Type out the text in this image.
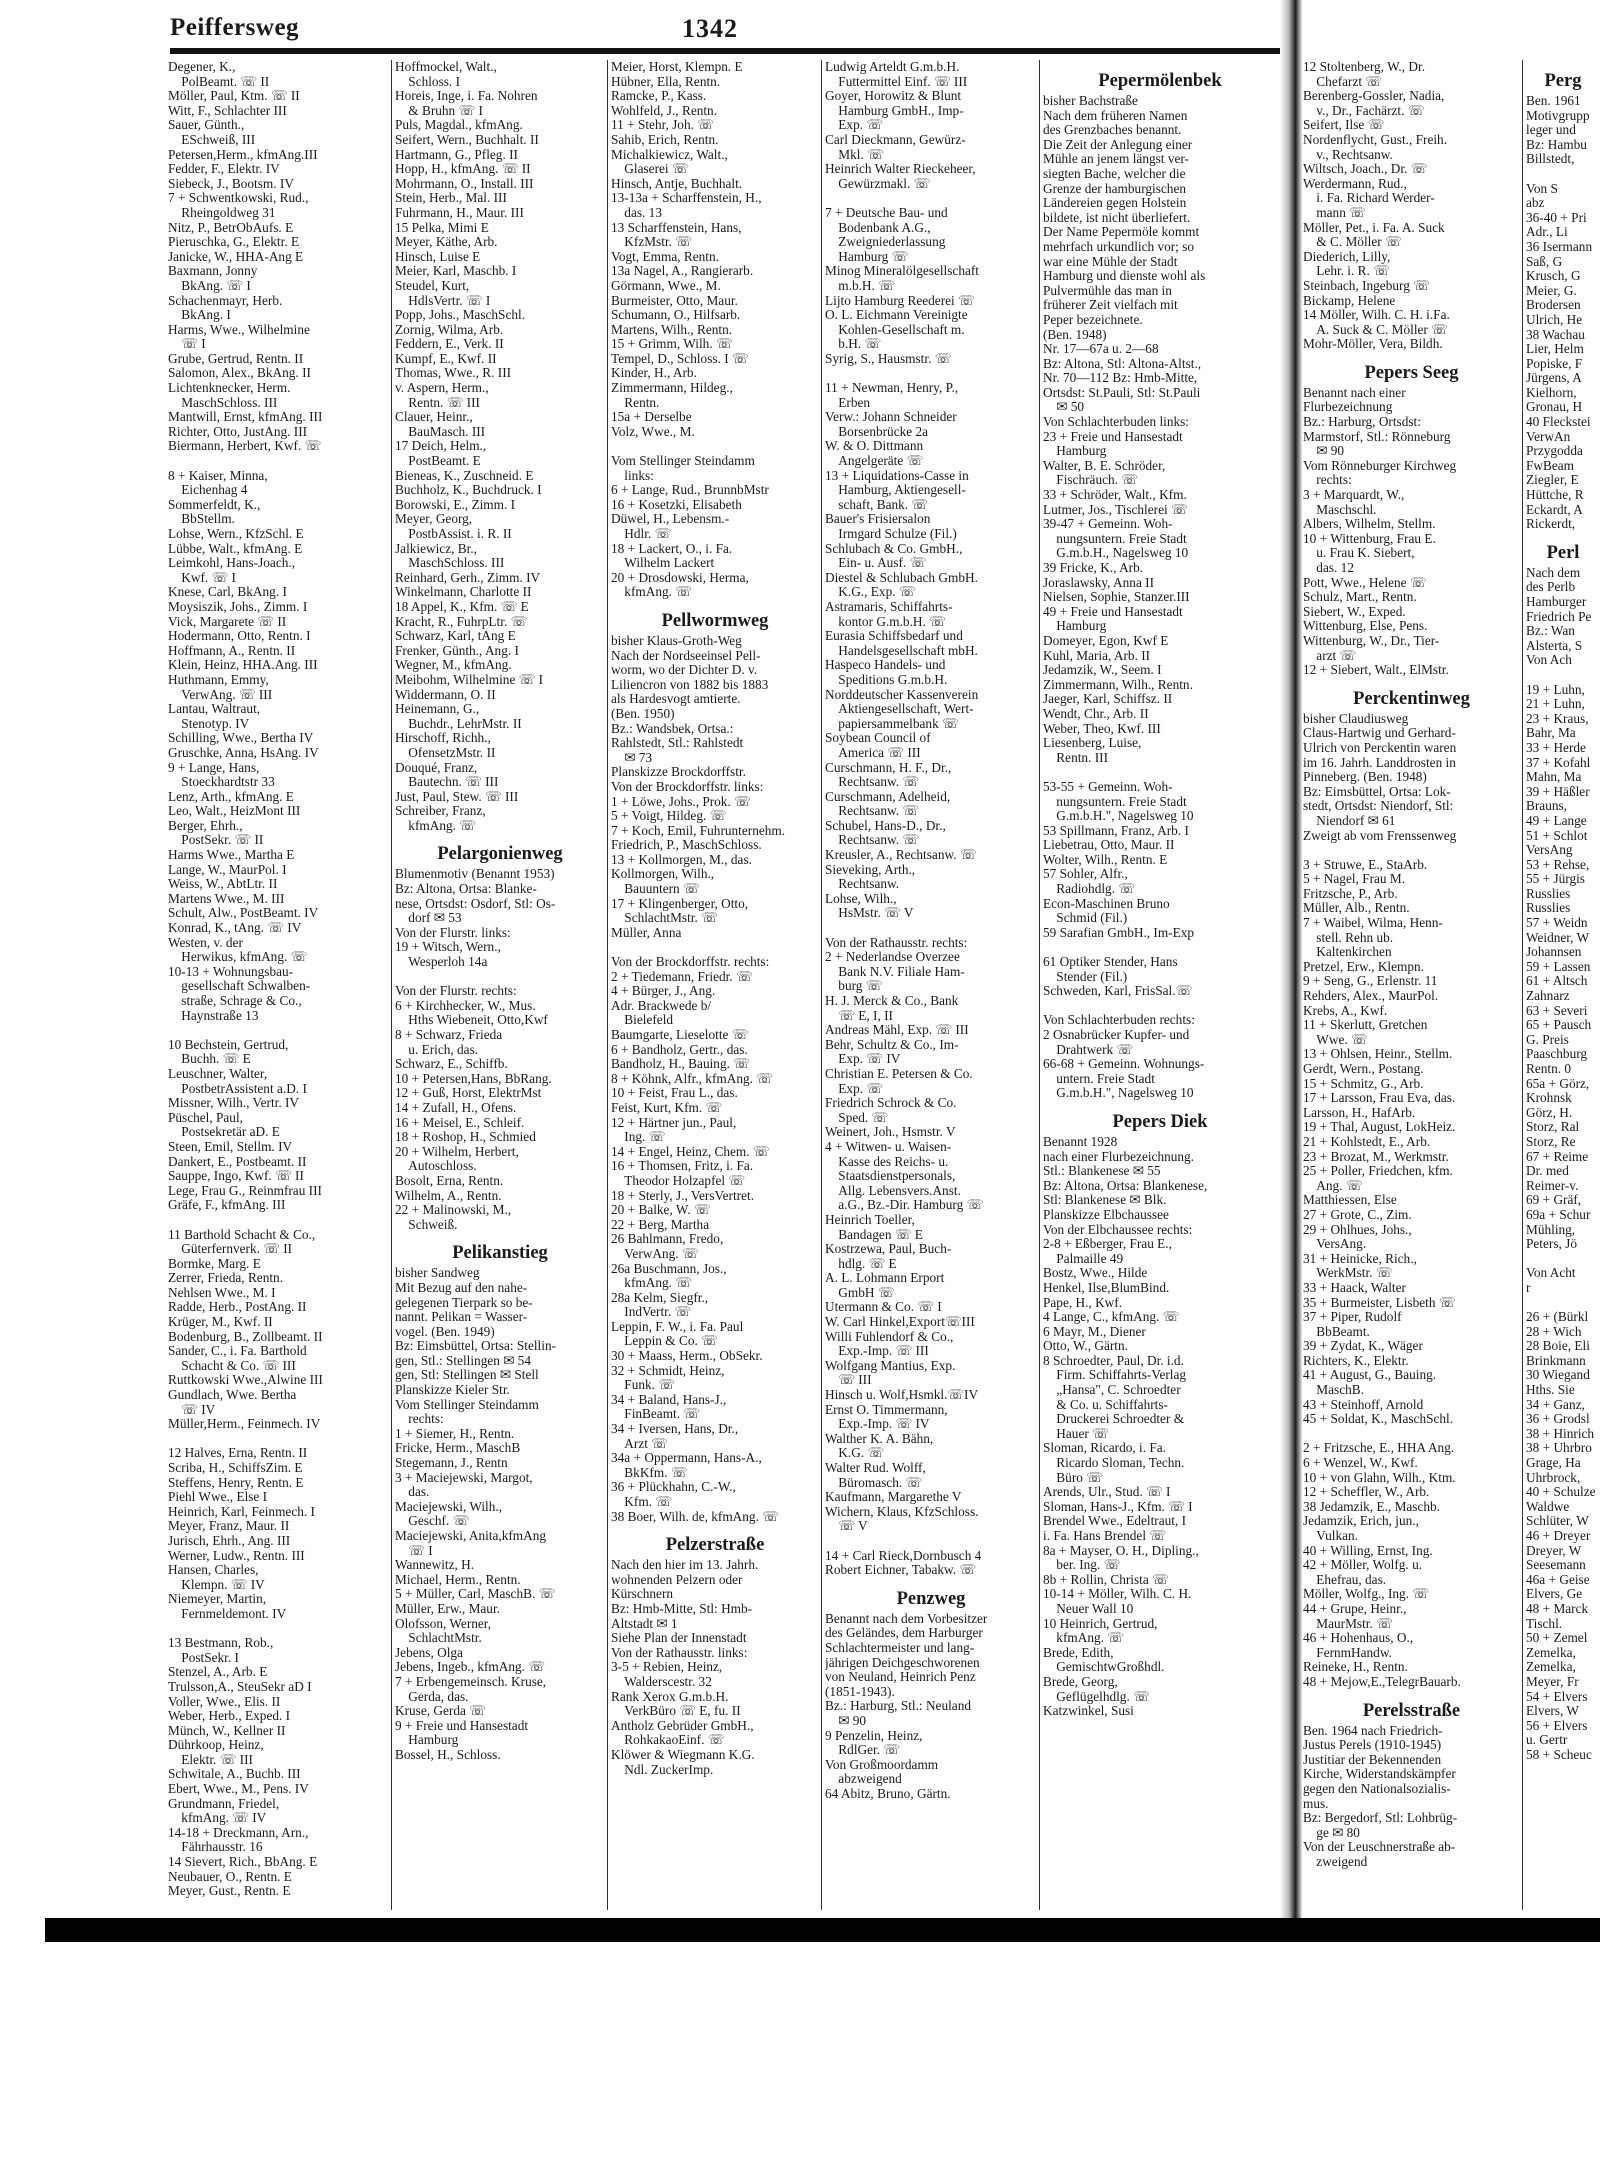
Peiffersweg	1342
Degener, K.,
 PolBeamt. ☏ II
Möller, Paul, Ktm. ☏ II
Witt, F., Schlachter III
Sauer, Günth.,
 ESchweiß, III
Petersen,Herm., kfmAng.III
Fedder, F., Elektr. IV
Siebeck, J., Bootsm. IV
7 + Schwentkowski, Rud.,
 Rheingoldweg 31
Nitz, P., BetrObAufs. E
Pieruschka, G., Elektr. E
Janicke, W., HHA-Ang E
Baxmann, Jonny
 BkAng. ☏ I
Schachenmayr, Herb.
 BkAng. I
Harms, Wwe., Wilhelmine
 ☏ I
Grube, Gertrud, Rentn. II
Salomon, Alex., BkAng. II
Lichtenknecker, Herm.
 MaschSchloss. III
Mantwill, Ernst, kfmAng. III
Richter, Otto, JustAng. III
Biermann, Herbert, Kwf. ☏
8 + Kaiser, Minna,
 Eichenhag 4
Sommerfeldt, K.,
 BbStellm.
Lohse, Wern., KfzSchl. E
Lübbe, Walt., kfmAng. E
Leimkohl, Hans-Joach.,
 Kwf. ☏ I
Knese, Carl, BkAng. I
Moysiszik, Johs., Zimm. I
Vick, Margarete ☏ II
Hodermann, Otto, Rentn. I
Hoffmann, A., Rentn. II
Klein, Heinz, HHA.Ang. III
Huthmann, Emmy,
 VerwAng. ☏ III
Lantau, Waltraut,
 Stenotyp. IV
Schilling, Wwe., Bertha IV
Gruschke, Anna, HsAng. IV
9 + Lange, Hans,
 Stoeckhardtstr 33
Lenz, Arth., kfmAng. E
Leo, Walt., HeizMont III
Berger, Ehrh.,
 PostSekr. ☏ II
Harms Wwe., Martha E
Lange, W., MaurPol. I
Weiss, W., AbtLtr. II
Martens Wwe., M. III
Schult, Alw., PostBeamt. IV
Konrad, K., tAng. ☏ IV
Westen, v. der
 Herwikus, kfmAng. ☏
10-13 + Wohnungsbau-
 gesellschaft Schwalben-
 straße, Schrage & Co.,
 Haynstraße 13
10 Bechstein, Gertrud,
 Buchh. ☏ E
Leuschner, Walter,
 PostbetrAssistent a.D. I
Missner, Wilh., Vertr. IV
Püschel, Paul,
 Postsekretär aD. E
Steen, Emil, Stellm. IV
Dankert, E., Postbeamt. II
Sauppe, Ingo, Kwf. ☏ II
Lege, Frau G., Reinmfrau III
Gräfe, F., kfmAng. III
11 Barthold Schacht & Co.,
 Güterfernverk. ☏ II
Bormke, Marg. E
Zerrer, Frieda, Rentn.
Nehlsen Wwe., M. I
Radde, Herb., PostAng. II
Krüger, M., Kwf. II
Bodenburg, B., Zollbeamt. II
Sander, C., i. Fa. Barthold
 Schacht & Co. ☏ III
Ruttkowski Wwe.,Alwine III
Gundlach, Wwe. Bertha
 ☏ IV
Müller,Herm., Feinmech. IV
12 Halves, Erna, Rentn. II
Scriba, H., SchiffsZim. E
Steffens, Henry, Rentn. E
Piehl Wwe., Else I
Heinrich, Karl, Feinmech. I
Meyer, Franz, Maur. II
Jurisch, Ehrh., Ang. III
Werner, Ludw., Rentn. III
Hansen, Charles,
 Klempn. ☏ IV
Niemeyer, Martin,
 Fernmeldemont. IV
13 Bestmann, Rob.,
 PostSekr. I
Stenzel, A., Arb. E
Trulsson,A., SteuSekr aD I
Voller, Wwe., Elis. II
Weber, Herb., Exped. I
Münch, W., Kellner II
Dührkoop, Heinz,
 Elektr. ☏ III
Schwitale, A., Buchb. III
Ebert, Wwe., M., Pens. IV
Grundmann, Friedel,
 kfmAng. ☏ IV
14-18 + Dreckmann, Arn.,
 Fährhausstr. 16
14 Sievert, Rich., BbAng. E
Neubauer, O., Rentn. E
Meyer, Gust., Rentn. E
Hoffmockel, Walt.,
 Schloss. I
Horeis, Inge, i. Fa. Nohren
 & Bruhn ☏ I
Puls, Magdal., kfmAng.
Seifert, Wern., Buchhalt. II
Hartmann, G., Pfleg. II
Hopp, H., kfmAng. ☏ II
Mohrmann, O., Install. III
Stein, Herb., Mal. III
Fuhrmann, H., Maur. III
15 Pelka, Mimi E
Meyer, Käthe, Arb.
Hinsch, Luise E
Meier, Karl, Maschb. I
Steudel, Kurt,
 HdlsVertr. ☏ I
Popp, Johs., MaschSchl.
Zornig, Wilma, Arb.
Feddern, E., Verk. II
Kumpf, E., Kwf. II
Thomas, Wwe., R. III
v. Aspern, Herm.,
 Rentn. ☏ III
Clauer, Heinr.,
 BauMasch. III
17 Deich, Helm.,
 PostBeamt. E
Bieneas, K., Zuschneid. E
Buchholz, K., Buchdruck. I
Borowski, E., Zimm. I
Meyer, Georg,
 PostbAssist. i. R. II
Jalkiewicz, Br.,
 MaschSchloss. III
Reinhard, Gerh., Zimm. IV
Winkelmann, Charlotte II
18 Appel, K., Kfm. ☏ E
Kracht, R., FuhrpLtr. ☏
Schwarz, Karl, tAng E
Frenker, Günth., Ang. I
Wegner, M., kfmAng.
Meibohm, Wilhelmine ☏ I
Widdermann, O. II
Heinemann, G.,
 Buchdr., LehrMstr. II
Hirschoff, Richh.,
 OfensetzMstr. II
Douqué, Franz,
 Bautechn. ☏ III
Just, Paul, Stew. ☏ III
Schreiber, Franz,
 kfmAng. ☏
Pelargonienweg
Blumenmotiv (Benannt 1953)
Bz: Altona, Ortsa: Blanke-
nese, Ortsdst: Osdorf, Stl: Os-
 dorf ✉ 53
Von der Flurstr. links:
19 + Witsch, Wern.,
 Wesperloh 14a
Von der Flurstr. rechts:
6 + Kirchhecker, W., Mus.
 Hths Wiebeneit, Otto,Kwf
8 + Schwarz, Frieda
 u. Erich, das.
Schwarz, E., Schiffb.
10 + Petersen,Hans, BbRang.
12 + Guß, Horst, ElektrMst
14 + Zufall, H., Ofens.
16 + Meisel, E., Schleif.
18 + Roshop, H., Schmied
20 + Wilhelm, Herbert,
 Autoschloss.
Bosolt, Erna, Rentn.
Wilhelm, A., Rentn.
22 + Malinowski, M.,
 Schweiß.
Pelikanstieg
bisher Sandweg
Mit Bezug auf den nahe-
gelegenen Tierpark so be-
nannt. Pelikan = Wasser-
vogel. (Ben. 1949)
Bz: Eimsbüttel, Ortsa: Stellin-
gen, Stl.: Stellingen ✉ 54
gen, Stl: Stellingen ✉ Stell
Planskizze Kieler Str.
Vom Stellinger Steindamm
 rechts:
1 + Siemer, H., Rentn.
Fricke, Herm., MaschB
Stegemann, J., Rentn
3 + Maciejewski, Margot,
 das.
Maciejewski, Wilh.,
 Geschf. ☏
Maciejewski, Anita,kfmAng
 ☏ I
Wannewitz, H.
Michael, Herm., Rentn.
5 + Müller, Carl, MaschB. ☏
Müller, Erw., Maur.
Olofsson, Werner,
 SchlachtMstr.
Jebens, Olga
Jebens, Ingeb., kfmAng. ☏
7 + Erbengemeinsch. Kruse,
 Gerda, das.
Kruse, Gerda ☏
9 + Freie und Hansestadt
 Hamburg
Bossel, H., Schloss.
Meier, Horst, Klempn. E
Hübner, Ella, Rentn.
Ramcke, P., Kass.
Wohlfeld, J., Rentn.
11 + Stehr, Joh. ☏
Sahib, Erich, Rentn.
Michalkiewicz, Walt.,
 Glaserei ☏
Hinsch, Antje, Buchhalt.
13-13a + Scharffenstein, H.,
 das. 13
13 Scharffenstein, Hans,
 KfzMstr. ☏
Vogt, Emma, Rentn.
13a Nagel, A., Rangierarb.
Görmann, Wwe., M.
Burmeister, Otto, Maur.
Schumann, O., Hilfsarb.
Martens, Wilh., Rentn.
15 + Grimm, Wilh. ☏
Tempel, D., Schloss. I ☏
Kinder, H., Arb.
Zimmermann, Hildeg.,
 Rentn.
15a + Derselbe
Volz, Wwe., M.
Vom Stellinger Steindamm
 links:
6 + Lange, Rud., BrunnbMstr
16 + Kosetzki, Elisabeth
Düwel, H., Lebensm.-
 Hdlr. ☏
18 + Lackert, O., i. Fa.
 Wilhelm Lackert
20 + Drosdowski, Herma,
 kfmAng. ☏
Pellwormweg
bisher Klaus-Groth-Weg
Nach der Nordseeinsel Pell-
worm, wo der Dichter D. v.
Liliencron von 1882 bis 1883
als Hardesvogt amtierte.
(Ben. 1950)
Bz.: Wandsbek, Ortsa.:
Rahlstedt, Stl.: Rahlstedt
 ✉ 73
Planskizze Brockdorffstr.
Von der Brockdorffstr. links:
1 + Löwe, Johs., Prok. ☏
5 + Voigt, Hildeg. ☏
7 + Koch, Emil, Fuhrunternehm.
Friedrich, P., MaschSchloss.
13 + Kollmorgen, M., das.
Kollmorgen, Wilh.,
 Bauuntern ☏
17 + Klingenberger, Otto,
 SchlachtMstr. ☏
Müller, Anna
Von der Brockdorffstr. rechts:
2 + Tiedemann, Friedr. ☏
4 + Bürger, J., Ang.
Adr. Brackwede b/
 Bielefeld
Baumgarte, Lieselotte ☏
6 + Bandholz, Gertr., das.
Bandholz, H., Bauing. ☏
8 + Köhnk, Alfr., kfmAng. ☏
10 + Feist, Frau L., das.
Feist, Kurt, Kfm. ☏
12 + Härtner jun., Paul,
 Ing. ☏
14 + Engel, Heinz, Chem. ☏
16 + Thomsen, Fritz, i. Fa.
 Theodor Holzapfel ☏
18 + Sterly, J., VersVertret.
20 + Balke, W. ☏
22 + Berg, Martha
26 Bahlmann, Fredo,
 VerwAng. ☏
26a Buschmann, Jos.,
 kfmAng. ☏
28a Kelm, Siegfr.,
 IndVertr. ☏
Leppin, F. W., i. Fa. Paul
 Leppin & Co. ☏
30 + Maass, Herm., ObSekr.
32 + Schmidt, Heinz,
 Funk. ☏
34 + Baland, Hans-J.,
 FinBeamt. ☏
34 + Iversen, Hans, Dr.,
 Arzt ☏
34a + Oppermann, Hans-A.,
 BkKfm. ☏
36 + Plückhahn, C.-W.,
 Kfm. ☏
38 Boer, Wilh. de, kfmAng. ☏
Pelzerstraße
Nach den hier im 13. Jahrh.
wohnenden Pelzern oder
Kürschnern
Bz: Hmb-Mitte, Stl: Hmb-
Altstadt ✉ 1
Siehe Plan der Innenstadt
Von der Rathausstr. links:
3-5 + Rebien, Heinz,
 Walderscestr. 32
Rank Xerox G.m.b.H.
 VerkBüro ☏ E, fu. II
Antholz Gebrüder GmbH.,
 RohkakaoEinf. ☏
Klöwer & Wiegmann K.G.
 Ndl. ZuckerImp.
Ludwig Arteldt G.m.b.H.
 Futtermittel Einf. ☏ III
Goyer, Horowitz & Blunt
 Hamburg GmbH., Imp-
 Exp. ☏
Carl Dieckmann, Gewürz-
 Mkl. ☏
Heinrich Walter Rieckeheer,
 Gewürzmakl. ☏
7 + Deutsche Bau- und
 Bodenbank A.G.,
 Zweigniederlassung
 Hamburg ☏
Minog Mineralölgesellschaft
 m.b.H. ☏
Lijto Hamburg Reederei ☏
O. L. Eichmann Vereinigte
 Kohlen-Gesellschaft m.
 b.H. ☏
Syrig, S., Hausmstr. ☏
11 + Newman, Henry, P.,
 Erben
Verw.: Johann Schneider
 Borsenbrücke 2a
W. & O. Dittmann
 Angelgeräte ☏
13 + Liquidations-Casse in
 Hamburg, Aktiengesell-
 schaft, Bank. ☏
Bauer's Frisiersalon
 Irmgard Schulze (Fil.)
Schlubach & Co. GmbH.,
 Ein- u. Ausf. ☏
Diestel & Schlubach GmbH.
 K.G., Exp. ☏
Astramaris, Schiffahrts-
 kontor G.m.b.H. ☏
Eurasia Schiffsbedarf und
 Handelsgesellschaft mbH.
Haspeco Handels- und
 Speditions G.m.b.H.
Norddeutscher Kassenverein
 Aktiengesellschaft, Wert-
 papiersammelbank ☏
Soybean Council of
 America ☏ III
Curschmann, H. F., Dr.,
 Rechtsanw. ☏
Curschmann, Adelheid,
 Rechtsanw. ☏
Schubel, Hans-D., Dr.,
 Rechtsanw. ☏
Kreusler, A., Rechtsanw. ☏
Sieveking, Arth.,
 Rechtsanw.
Lohse, Wilh.,
 HsMstr. ☏ V
Von der Rathausstr. rechts:
2 + Nederlandse Overzee
 Bank N.V. Filiale Ham-
 burg ☏
H. J. Merck & Co., Bank
 ☏ E, I, II
Andreas Mähl, Exp. ☏ III
Behr, Schultz & Co., Im-
 Exp. ☏ IV
Christian E. Petersen & Co.
 Exp. ☏
Friedrich Schrock & Co.
 Sped. ☏
Weinert, Joh., Hsmstr. V
4 + Witwen- u. Waisen-
 Kasse des Reichs- u.
 Staatsdienstpersonals,
 Allg. Lebensvers.Anst.
 a.G., Bz.-Dir. Hamburg ☏
Heinrich Toeller,
 Bandagen ☏ E
Kostrzewa, Paul, Buch-
 hdlg. ☏ E
A. L. Lohmann Erport
 GmbH ☏
Utermann & Co. ☏ I
W. Carl Hinkel,Export☏III
Willi Fuhlendorf & Co.,
 Exp.-Imp. ☏ III
Wolfgang Mantius, Exp.
 ☏ III
Hinsch u. Wolf,Hsmkl.☏IV
Ernst O. Timmermann,
 Exp.-Imp. ☏ IV
Walther K. A. Bähn,
 K.G. ☏
Walter Rud. Wolff,
 Büromasch. ☏
Kaufmann, Margarethe V
Wichern, Klaus, KfzSchloss.
 ☏ V
14 + Carl Rieck,Dornbusch 4
Robert Eichner, Tabakw. ☏
Penzweg
Benannt nach dem Vorbesitzer
des Geländes, dem Harburger
Schlachtermeister und lang-
jährigen Deichgeschworenen
von Neuland, Heinrich Penz
(1851-1943).
Bz.: Harburg, Stl.: Neuland
 ✉ 90
9 Penzelin, Heinz,
 RdlGer. ☏
Von Großmoordamm
 abzweigend
64 Abitz, Bruno, Gärtn.
Pepermölenbek
bisher Bachstraße
Nach dem früheren Namen
des Grenzbaches benannt.
Die Zeit der Anlegung einer
Mühle an jenem längst ver-
siegten Bache, welcher die
Grenze der hamburgischen
Ländereien gegen Holstein
bildete, ist nicht überliefert.
Der Name Pepermöle kommt
mehrfach urkundlich vor; so
war eine Mühle der Stadt
Hamburg und dienste wohl als
Pulvermühle das man in
früherer Zeit vielfach mit
Peper bezeichnete.
(Ben. 1948)
Nr. 17—67a u. 2—68
Bz: Altona, Stl: Altona-Altst.,
Nr. 70—112 Bz: Hmb-Mitte,
Ortsdst: St.Pauli, Stl: St.Pauli
 ✉ 50
Von Schlachterbuden links:
23 + Freie und Hansestadt
 Hamburg
Walter, B. E. Schröder,
 Fischräuch. ☏
33 + Schröder, Walt., Kfm.
Lutmer, Jos., Tischlerei ☏
39-47 + Gemeinn. Woh-
 nungsuntern. Freie Stadt
 G.m.b.H., Nagelsweg 10
39 Fricke, K., Arb.
Joraslawsky, Anna II
Nielsen, Sophie, Stanzer.III
49 + Freie und Hansestadt
 Hamburg
Domeyer, Egon, Kwf E
Kuhl, Maria, Arb. II
Jedamzik, W., Seem. I
Zimmermann, Wilh., Rentn.
Jaeger, Karl, Schiffsz. II
Wendt, Chr., Arb. II
Weber, Theo, Kwf. III
Liesenberg, Luise,
 Rentn. III
53-55 + Gemeinn. Woh-
 nungsuntern. Freie Stadt
 G.m.b.H.", Nagelsweg 10
53 Spillmann, Franz, Arb. I
Liebetrau, Otto, Maur. II
Wolter, Wilh., Rentn. E
57 Sohler, Alfr.,
 Radiohdlg. ☏
Econ-Maschinen Bruno
 Schmid (Fil.)
59 Sarafian GmbH., Im-Exp
61 Optiker Stender, Hans
 Stender (Fil.)
Schweden, Karl, FrisSal.☏
Von Schlachterbuden rechts:
2 Osnabrücker Kupfer- und
 Drahtwerk ☏
66-68 + Gemeinn. Wohnungs-
 untern. Freie Stadt
 G.m.b.H.", Nagelsweg 10
Pepers Diek
Benannt 1928
nach einer Flurbezeichnung.
Stl.: Blankenese ✉ 55
Bz: Altona, Ortsa: Blankenese,
Stl: Blankenese ✉ Blk.
Planskizze Elbchaussee
Von der Elbchaussee rechts:
2-8 + Eßberger, Frau E.,
 Palmaille 49
Bostz, Wwe., Hilde
Henkel, Ilse,BlumBind.
Pape, H., Kwf.
4 Lange, C., kfmAng. ☏
6 Mayr, M., Diener
Otto, W., Gärtn.
8 Schroedter, Paul, Dr. i.d.
 Firm. Schiffahrts-Verlag
 „Hansa", C. Schroedter
 & Co. u. Schiffahrts-
 Druckerei Schroedter &
 Hauer ☏
Sloman, Ricardo, i. Fa.
 Ricardo Sloman, Techn.
 Büro ☏
Arends, Ulr., Stud. ☏ I
Sloman, Hans-J., Kfm. ☏ I
Brendel Wwe., Edeltraut, I
i. Fa. Hans Brendel ☏
8a + Mayser, O. H., Dipling.,
 ber. Ing. ☏
8b + Rollin, Christa ☏
10-14 + Möller, Wilh. C. H.
 Neuer Wall 10
10 Heinrich, Gertrud,
 kfmAng. ☏
Brede, Edith,
 GemischtwGroßhdl.
Brede, Georg,
 Geflügelhdlg. ☏
Katzwinkel, Susi
12 Stoltenberg, W., Dr.
 Chefarzt ☏
Berenberg-Gossler, Nadia,
 v., Dr., Fachärzt. ☏
Seifert, Ilse ☏
Nordenflycht, Gust., Freih.
 v., Rechtsanw.
Wiltsch, Joach., Dr. ☏
Werdermann, Rud.,
 i. Fa. Richard Werder-
 mann ☏
Möller, Pet., i. Fa. A. Suck
 & C. Möller ☏
Diederich, Lilly,
 Lehr. i. R. ☏
Steinbach, Ingeburg ☏
Bickamp, Helene
14 Möller, Wilh. C. H. i.Fa.
 A. Suck & C. Möller ☏
Mohr-Möller, Vera, Bildh.
Pepers Seeg
Benannt nach einer
Flurbezeichnung
Bz.: Harburg, Ortsdst:
Marmstorf, Stl.: Rönneburg
 ✉ 90
Vom Rönneburger Kirchweg
 rechts:
3 + Marquardt, W.,
 Maschschl.
Albers, Wilhelm, Stellm.
10 + Wittenburg, Frau E.
 u. Frau K. Siebert,
 das. 12
Pott, Wwe., Helene ☏
Schulz, Mart., Rentn.
Siebert, W., Exped.
Wittenburg, Else, Pens.
Wittenburg, W., Dr., Tier-
 arzt ☏
12 + Siebert, Walt., ElMstr.
Perckentinweg
bisher Claudiusweg
Claus-Hartwig und Gerhard-
Ulrich von Perckentin waren
im 16. Jahrh. Landdrosten in
Pinneberg. (Ben. 1948)
Bz: Eimsbüttel, Ortsa: Lok-
stedt, Ortsdst: Niendorf, Stl:
 Niendorf ✉ 61
Zweigt ab vom Frenssenweg
3 + Struwe, E., StaArb.
5 + Nagel, Frau M.
Fritzsche, P., Arb.
Müller, Alb., Rentn.
7 + Waibel, Wilma, Henn-
 stell. Rehn ub.
 Kaltenkirchen
Pretzel, Erw., Klempn.
9 + Seng, G., Erlenstr. 11
Rehders, Alex., MaurPol.
Krebs, A., Kwf.
11 + Skerlutt, Gretchen
 Wwe. ☏
13 + Ohlsen, Heinr., Stellm.
Gerdt, Wern., Postang.
15 + Schmitz, G., Arb.
17 + Larsson, Frau Eva, das.
Larsson, H., HafArb.
19 + Thal, August, LokHeiz.
21 + Kohlstedt, E., Arb.
23 + Brozat, M., Werkmstr.
25 + Poller, Friedchen, kfm.
 Ang. ☏
Matthiessen, Else
27 + Grote, C., Zim.
29 + Ohlhues, Johs.,
 VersAng.
31 + Heinicke, Rich.,
 WerkMstr. ☏
33 + Haack, Walter
35 + Burmeister, Lisbeth ☏
37 + Piper, Rudolf
 BbBeamt.
39 + Zydat, K., Wäger
Richters, K., Elektr.
41 + August, G., Bauing.
 MaschB.
43 + Steinhoff, Arnold
45 + Soldat, K., MaschSchl.
2 + Fritzsche, E., HHA Ang.
6 + Wenzel, W., Kwf.
10 + von Glahn, Wilh., Ktm.
12 + Scheffler, W., Arb.
38 Jedamzik, E., Maschb.
Jedamzik, Erich, jun.,
 Vulkan.
40 + Willing, Ernst, Ing.
42 + Möller, Wolfg. u.
 Ehefrau, das.
Möller, Wolfg., Ing. ☏
44 + Grupe, Heinr.,
 MaurMstr. ☏
46 + Hohenhaus, O.,
 FernmHandw.
Reineke, H., Rentn.
48 + Mejow,E.,TelegrBauarb.
Perelsstraße
Ben. 1964 nach Friedrich-
Justus Perels (1910-1945)
Justitiar der Bekennenden
Kirche, Widerstandskämpfer
gegen den Nationalsozialis-
mus.
Bz: Bergedorf, Stl: Lohbrüg-
 ge ✉ 80
Von der Leuschnerstraße ab-
 zweigend
Perg
Ben. 1961
Motivgrupp
leger und
Bz: Hambu
Billstedt,
Von S
abz
36-40 + Pri
Adr., Li
36 Isermann
Saß, G
Krusch, G
Meier, G.
Brodersen
Ulrich, He
38 Wachau
Lier, Helm
Popiske, F
Jürgens, A
Kielhorn,
Gronau, H
40 Fleckstei
VerwAn
Przygodda
FwBeam
Ziegler, E
Hüttche, R
Eckardt, A
Rickerdt,
Perl
Nach dem
des Perlb
Hamburger
Friedrich Pe
Bz.: Wan
Alsterta, S
Von Ach
19 + Luhn,
21 + Luhn,
23 + Kraus,
Bahr, Ma
33 + Herde
37 + Kofahl
Mahn, Ma
39 + Häßler
Brauns,
49 + Lange
51 + Schlot
VersAng
53 + Rehse,
55 + Jürgis
Russlies
Russlies
57 + Weidn
Weidner, W
Johannsen
59 + Lassen
61 + Altsch
Zahnarz
63 + Severi
65 + Pausch
G. Preis
Paaschburg
Rentn. 0
65a + Görz,
Krohnsk
Görz, H.
Storz, Ral
Storz, Re
67 + Reime
Dr. med
Reimer-v.
69 + Gräf,
69a + Schur
Mühling,
Peters, Jö
Von Acht
r
26 + (Bürkl
28 + Wich
28 Boie, Eli
Brinkmann
30 Wiegand
Hths. Sie
34 + Ganz,
36 + Grodsl
38 + Hinrich
38 + Uhrbro
Grage, Ha
Uhrbrock,
40 + Schulze
Waldwe
Schlüter, W
46 + Dreyer
Dreyer, W
Seesemann
46a + Geise
Elvers, Ge
48 + Marck
Tischl.
50 + Zemel
Zemelka,
Zemelka,
Meyer, Fr
54 + Elvers
Elvers, W
56 + Elvers
u. Gertr
58 + Scheuc
